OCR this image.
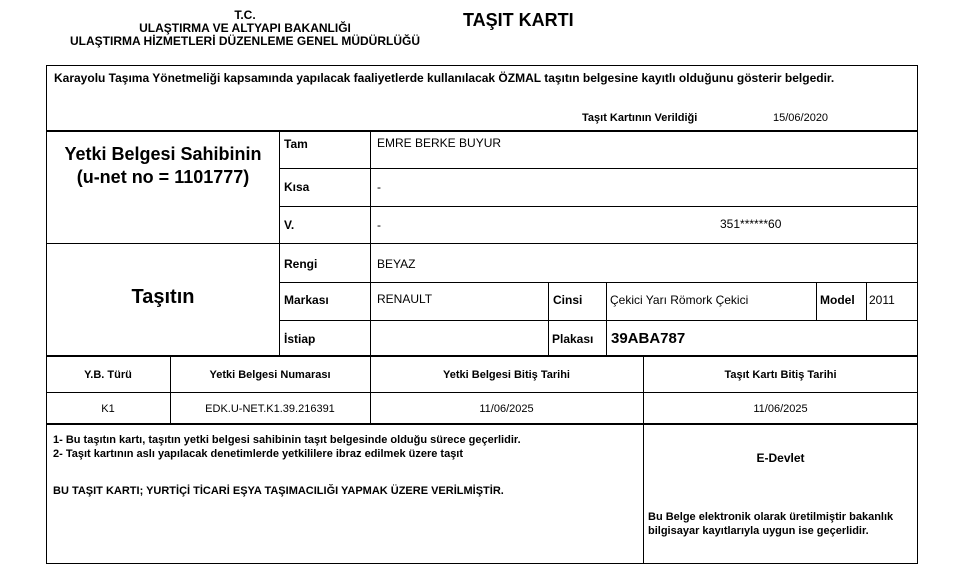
T.C.
ULAŞTIRMA VE ALTYAPI BAKANLIĞI
ULAŞTIRMA HİZMETLERİ DÜZENLEME GENEL MÜDÜRLÜĞÜ
TAŞIT KARTI
Karayolu Taşıma Yönetmeliği kapsamında yapılacak faaliyetlerde kullanılacak ÖZMAL taşıtın belgesine kayıtlı olduğunu gösterir belgedir.
Taşıt Kartının Verildiği	15/06/2020
Yetki Belgesi Sahibinin (u-net no = 1101777)
Tam	EMRE BERKE BUYUR
Kısa	-
V.	-	351******60
Taşıtın
Rengi	BEYAZ
Markası	RENAULT	Cinsi Çekici Yarı Römork Çekici	Model 2011
İstiap	Plakası 39ABA787
Y.B. Türü	Yetki Belgesi Numarası	Yetki Belgesi Bitiş Tarihi	Taşıt Kartı Bitiş Tarihi
K1	EDK.U-NET.K1.39.216391	11/06/2025	11/06/2025
1- Bu taşıtın kartı, taşıtın yetki belgesi sahibinin taşıt belgesinde olduğu sürece geçerlidir.
2- Taşıt kartının aslı yapılacak denetimlerde yetkililere ibraz edilmek üzere taşıt
BU TAŞIT KARTI; YURTİÇİ TİCARİ EŞYA TAŞIMACILIĞI YAPMAK ÜZERE VERİLMİŞTİR.
E-Devlet
Bu Belge elektronik olarak üretilmiştir bakanlık bilgisayar kayıtlarıyla uygun ise geçerlidir.
